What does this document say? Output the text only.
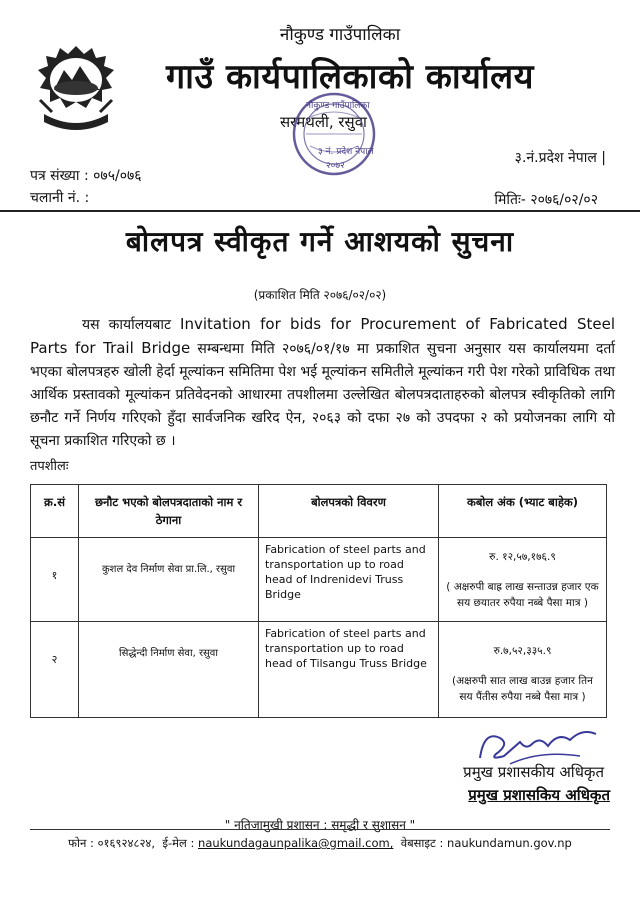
नौकुण्ड गाउँपालिका
गाउँ कार्यपालिकाको कार्यालय
सरमथली, रसुवा
नौकुण्ड गाउँपालिका
३ नं. प्रदेश नेपाल
२०७२	३.नं.प्रदेश नेपाल |
पत्र संख्या : ०७५/०७६
चलानी नं. :	मितिः- २०७६/०२/०२
बोलपत्र स्वीकृत गर्ने आशयको सुचना
(प्रकाशित मिति २०७६/०२/०२)
यस कार्यालयबाट Invitation for bids for Procurement of Fabricated Steel Parts for Trail Bridge सम्बन्धमा मिति २०७६/०१/१७ मा प्रकाशित सुचना अनुसार यस कार्यालयमा दर्ता भएका बोलपत्रहरु खोली हेर्दा मूल्यांकन समितिमा पेश भई मूल्यांकन समितीले मूल्यांकन गरी पेश गरेको प्राविधिक तथा आर्थिक प्रस्तावको मूल्यांकन प्रतिवेदनको आधारमा तपशीलमा उल्लेखित बोलपत्रदाताहरुको बोलपत्र स्वीकृतिको लागि छनौट गर्ने निर्णय गरिएको हुँदा सार्वजनिक खरिद ऐन, २०६३ को दफा २७ को उपदफा २ को प्रयोजनका लागि यो सूचना प्रकाशित गरिएको छ ।
तपशीलः
क्र.सं	छनौट भएको बोलपत्रदाताको नाम र ठेगाना	बोलपत्रको विवरण	कबोल अंक (भ्याट बाहेक)
१	कुशल देव निर्माण सेवा प्रा.लि., रसुवा	Fabrication of steel parts and transportation up to road head of Indrenidevi Truss Bridge	रु. १२,५७,१७६.९
( अक्षरुपी बाह्र लाख सन्ताउन्न हजार एक सय छयातर रुपैया नब्बे पैसा मात्र )

२	सिद्धेन्दी निर्माण सेवा, रसुवा	Fabrication of steel parts and transportation up to road head of Tilsangu Truss Bridge	रु.७,५२,३३५.९
(अक्षरुपी सात लाख बाउन्न हजार तिन सय पैंतीस रुपैया नब्बे पैसा मात्र )
प्रमुख प्रशासकीय अधिकृत
प्रमुख प्रशासकिय अधिकृत
" नतिजामुखी प्रशासन : समृद्धी र सुशासन "
फोन : ०१६९२४८२४, ई-मेल : naukundagaunpalika@gmail.com, वेबसाइट : naukundamun.gov.np
